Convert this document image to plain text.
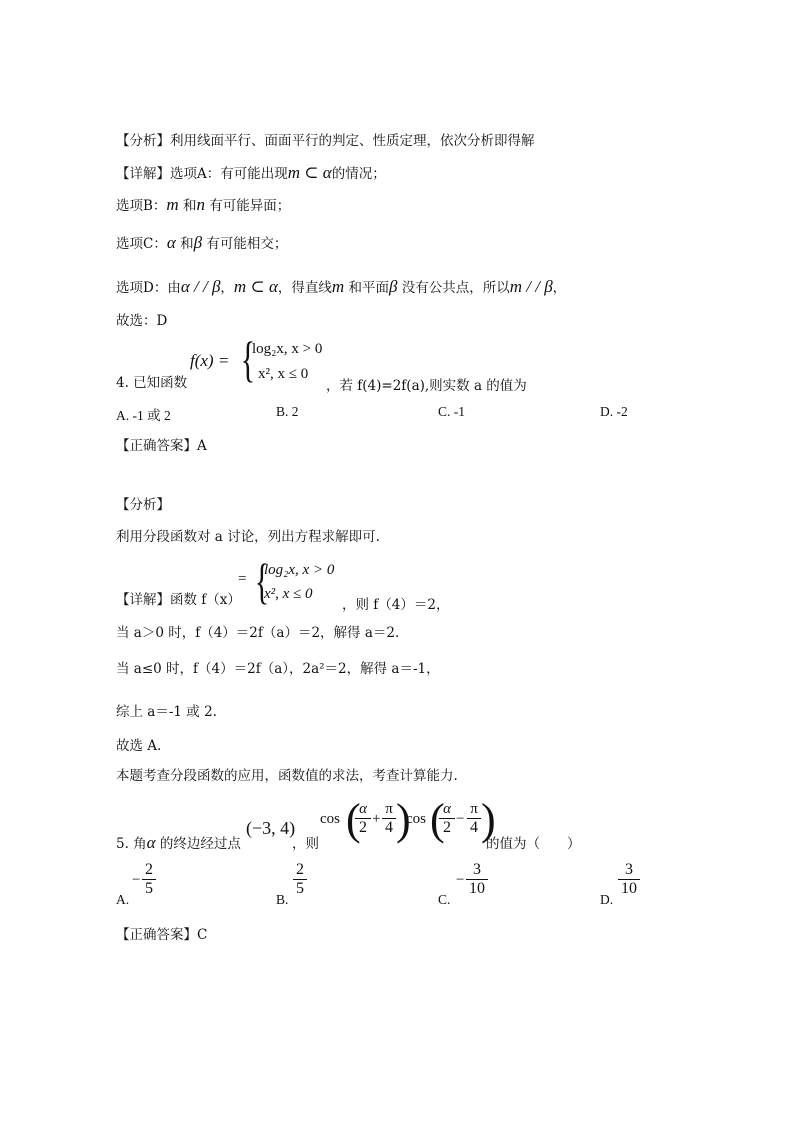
【分析】利用线面平行、面面平行的判定、性质定理，依次分析即得解
【详解】选项A：有可能出现m ⊂ α的情况；
选项B：m 和n 有可能异面；
选项C：α 和β 有可能相交；
选项D：由α / / β，m ⊂ α，得直线m 和平面β 没有公共点，所以m / / β，
故选：D
4. 已知函数
f(x) = {
log₂x, x > 0
x², x ≤ 0
，若 f(4)=2f(a),则实数 a 的值为
A. -1 或 2	B. 2	C. -1	D. -2
【正确答案】A
【分析】
利用分段函数对 a 讨论，列出方程求解即可.
【详解】函数 f（x）
= {
log₂x, x > 0
x², x ≤ 0
，则 f（4）＝2，
当 a＞0 时，f（4）＝2f（a）＝2，解得 a＝2.
当 a≤0 时，f（4）＝2f（a），2a²＝2，解得 a＝-1，
综上 a＝-1 或 2.
故选 A.
本题考查分段函数的应用，函数值的求法，考查计算能力.
5. 角α 的终边经过点
(−3, 4)
，则
cos (
$\frac{\alpha}{2} + \frac{\pi}{4}$ )
cos (
$\frac{\alpha}{2} - \frac{\pi}{4}$ )
的值为（　　）
A.
− $\frac{2}{5}$
B.
$\frac{2}{5}$
C.
− $\frac{3}{10}$
D.
$\frac{3}{10}$
【正确答案】C
